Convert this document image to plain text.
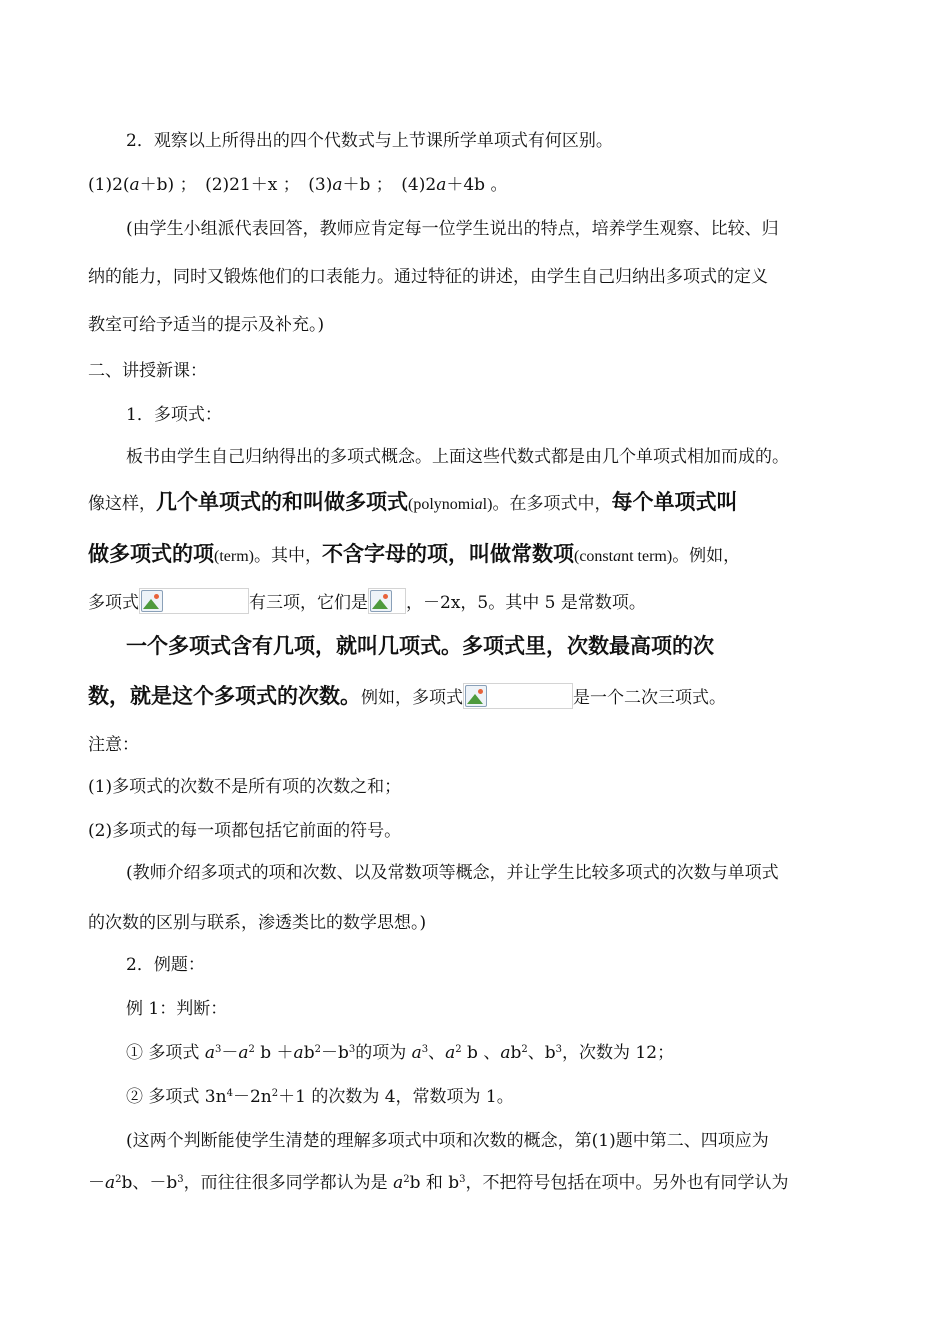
2．观察以上所得出的四个代数式与上节课所学单项式有何区别。
(1)2(a＋b) ；　(2)21＋x ；　(3)a＋b ；　(4)2a＋4b 。
(由学生小组派代表回答，教师应肯定每一位学生说出的特点，培养学生观察、比较、归
纳的能力，同时又锻炼他们的口表能力。通过特征的讲述，由学生自己归纳出多项式的定义
教室可给予适当的提示及补充。)
二、讲授新课：
1．多项式：
板书由学生自己归纳得出的多项式概念。上面这些代数式都是由几个单项式相加而成的。
像这样，几个单项式的和叫做多项式(polynomial)。在多项式中，每个单项式叫
做多项式的项(term)。其中，不含字母的项，叫做常数项(constant term)。例如，
多项式	有三项，它们是 ，－2x，5。其中 5 是常数项。
一个多项式含有几项，就叫几项式。多项式里，次数最高项的次
数，就是这个多项式的次数。例如，多项式	是一个二次三项式。
注意：
(1)多项式的次数不是所有项的次数之和；
(2)多项式的每一项都包括它前面的符号。
(教师介绍多项式的项和次数、以及常数项等概念，并让学生比较多项式的次数与单项式
的次数的区别与联系，渗透类比的数学思想。)
2．例题：
例 1：判断：
① 多项式 $a^3-a^2$ $b +ab^2-b^3$的项为 $a^3$、$a^2$ b 、$ab^2$、$b^3$，次数为 12；
② 多项式 $3n^4-2n^2+1$ 的次数为 4，常数项为 1。
(这两个判断能使学生清楚的理解多项式中项和次数的概念，第(1)题中第二、四项应为
$-a^2b$、$-b^3$，而往往很多同学都认为是 $a^2b$ 和 $b^3$，不把符号包括在项中。另外也有同学认为
